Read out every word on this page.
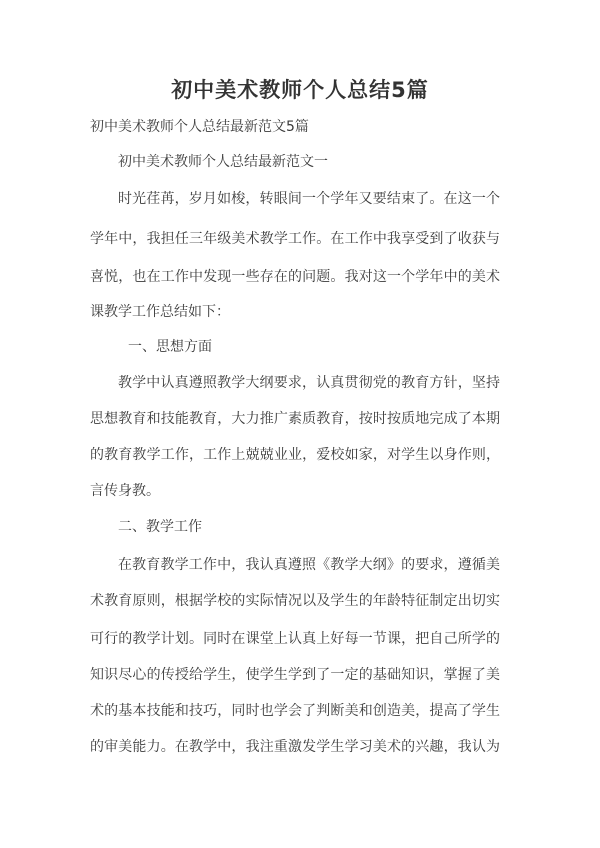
初中美术教师个人总结5篇

初中美术教师个人总结最新范文5篇

初中美术教师个人总结最新范文一

时光荏苒，岁月如梭，转眼间一个学年又要结束了。在这一个

学年中，我担任三年级美术教学工作。在工作中我享受到了收获与

喜悦，也在工作中发现一些存在的问题。我对这一个学年中的美术

课教学工作总结如下：

一、思想方面

教学中认真遵照教学大纲要求，认真贯彻党的教育方针，坚持

思想教育和技能教育，大力推广素质教育，按时按质地完成了本期

的教育教学工作，工作上兢兢业业，爱校如家，对学生以身作则，

言传身教。

二、教学工作

在教育教学工作中，我认真遵照《教学大纲》的要求，遵循美

术教育原则，根据学校的实际情况以及学生的年龄特征制定出切实

可行的教学计划。同时在课堂上认真上好每一节课，把自己所学的

知识尽心的传授给学生，使学生学到了一定的基础知识，掌握了美

术的基本技能和技巧，同时也学会了判断美和创造美，提高了学生

的审美能力。在教学中，我注重激发学生学习美术的兴趣，我认为
